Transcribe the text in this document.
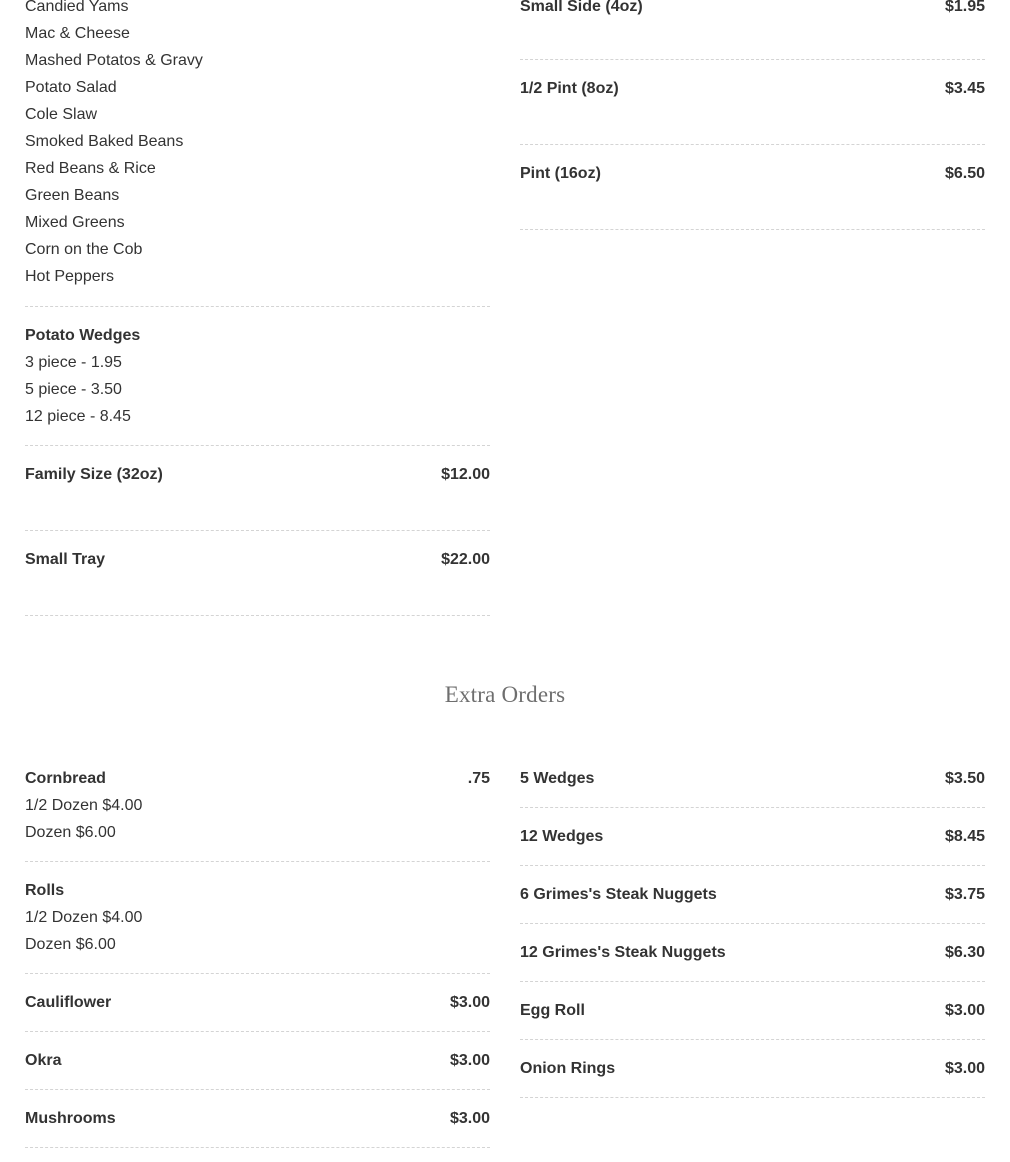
Candied Yams
Mac & Cheese
Mashed Potatos & Gravy
Potato Salad
Cole Slaw
Smoked Baked Beans
Red Beans & Rice
Green Beans
Mixed Greens
Corn on the Cob
Hot Peppers
Potato Wedges
3 piece - 1.95
5 piece - 3.50
12 piece - 8.45
Family Size (32oz)	$12.00
Small Tray	$22.00
Small Side (4oz)	$1.95
1/2 Pint (8oz)	$3.45
Pint (16oz)	$6.50
Extra Orders
Cornbread	.75
1/2 Dozen $4.00
Dozen $6.00
Rolls
1/2 Dozen $4.00
Dozen $6.00
Cauliflower	$3.00
Okra	$3.00
Mushrooms	$3.00
5 Wedges	$3.50
12 Wedges	$8.45
6 Grimes's Steak Nuggets	$3.75
12 Grimes's Steak Nuggets	$6.30
Egg Roll	$3.00
Onion Rings	$3.00
